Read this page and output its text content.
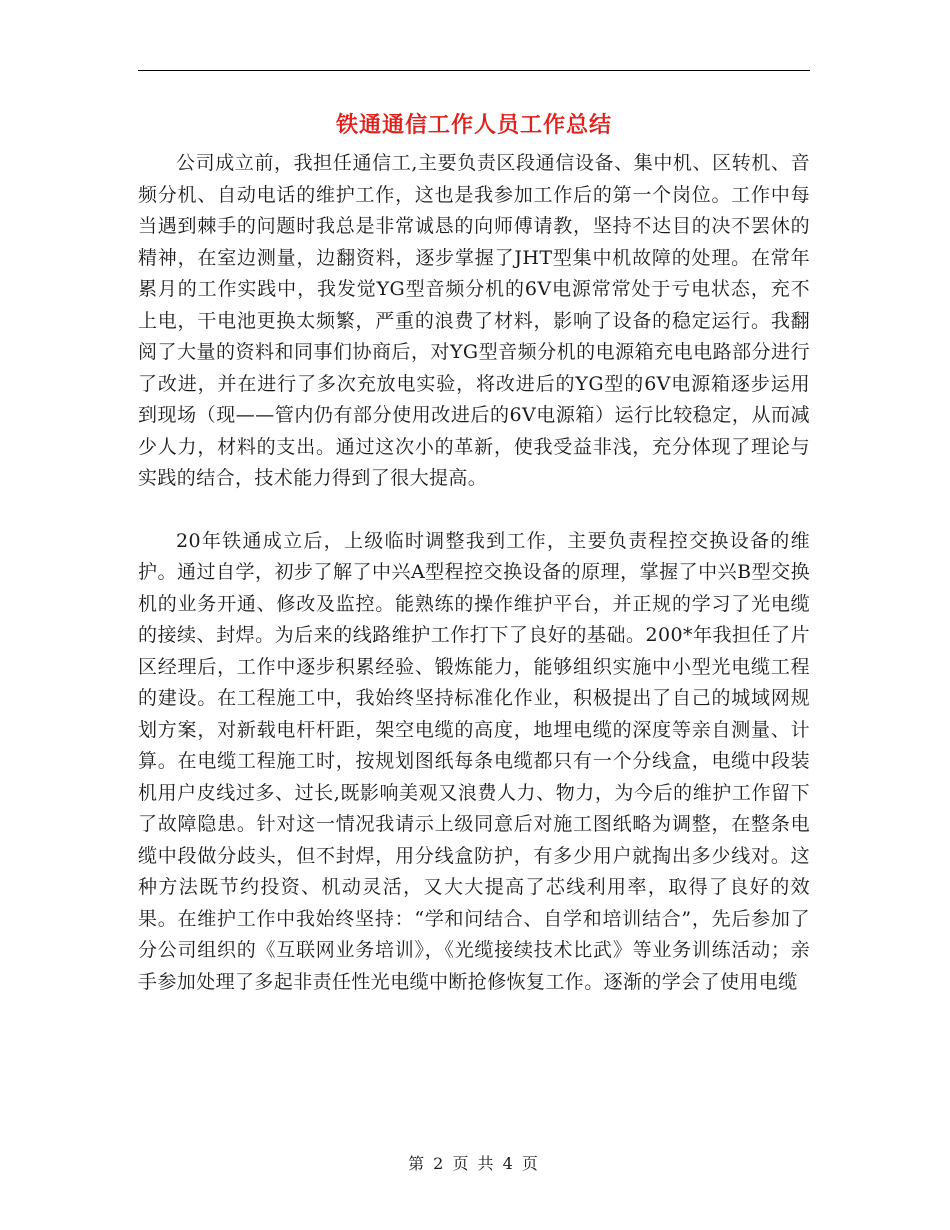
铁通通信工作人员工作总结

公司成立前，我担任通信工,主要负责区段通信设备、集中机、区转机、音频分机、自动电话的维护工作，这也是我参加工作后的第一个岗位。工作中每当遇到棘手的问题时我总是非常诚恳的向师傅请教，坚持不达目的决不罢休的精神，在室边测量，边翻资料，逐步掌握了JHT型集中机故障的处理。在常年累月的工作实践中，我发觉YG型音频分机的6V电源常常处于亏电状态，充不上电，干电池更换太频繁，严重的浪费了材料，影响了设备的稳定运行。我翻阅了大量的资料和同事们协商后，对YG型音频分机的电源箱充电电路部分进行了改进，并在进行了多次充放电实验，将改进后的YG型的6V电源箱逐步运用到现场（现——管内仍有部分使用改进后的6V电源箱）运行比较稳定，从而减少人力，材料的支出。通过这次小的革新，使我受益非浅，充分体现了理论与实践的结合，技术能力得到了很大提高。

20年铁通成立后，上级临时调整我到工作，主要负责程控交换设备的维护。通过自学，初步了解了中兴A型程控交换设备的原理，掌握了中兴B型交换机的业务开通、修改及监控。能熟练的操作维护平台，并正规的学习了光电缆的接续、封焊。为后来的线路维护工作打下了良好的基础。200*年我担任了片区经理后，工作中逐步积累经验、锻炼能力，能够组织实施中小型光电缆工程的建设。在工程施工中，我始终坚持标准化作业，积极提出了自己的城域网规划方案，对新载电杆杆距，架空电缆的高度，地埋电缆的深度等亲自测量、计算。在电缆工程施工时，按规划图纸每条电缆都只有一个分线盒，电缆中段装机用户皮线过多、过长,既影响美观又浪费人力、物力，为今后的维护工作留下了故障隐患。针对这一情况我请示上级同意后对施工图纸略为调整，在整条电缆中段做分歧头，但不封焊，用分线盒防护，有多少用户就掏出多少线对。这种方法既节约投资、机动灵活，又大大提高了芯线利用率，取得了良好的效果。在维护工作中我始终坚持：“学和问结合、自学和培训结合”，先后参加了分公司组织的《互联网业务培训》，《光缆接续技术比武》等业务训练活动；亲手参加处理了多起非责任性光电缆中断抢修恢复工作。逐渐的学会了使用电缆

第 2 页 共 4 页
